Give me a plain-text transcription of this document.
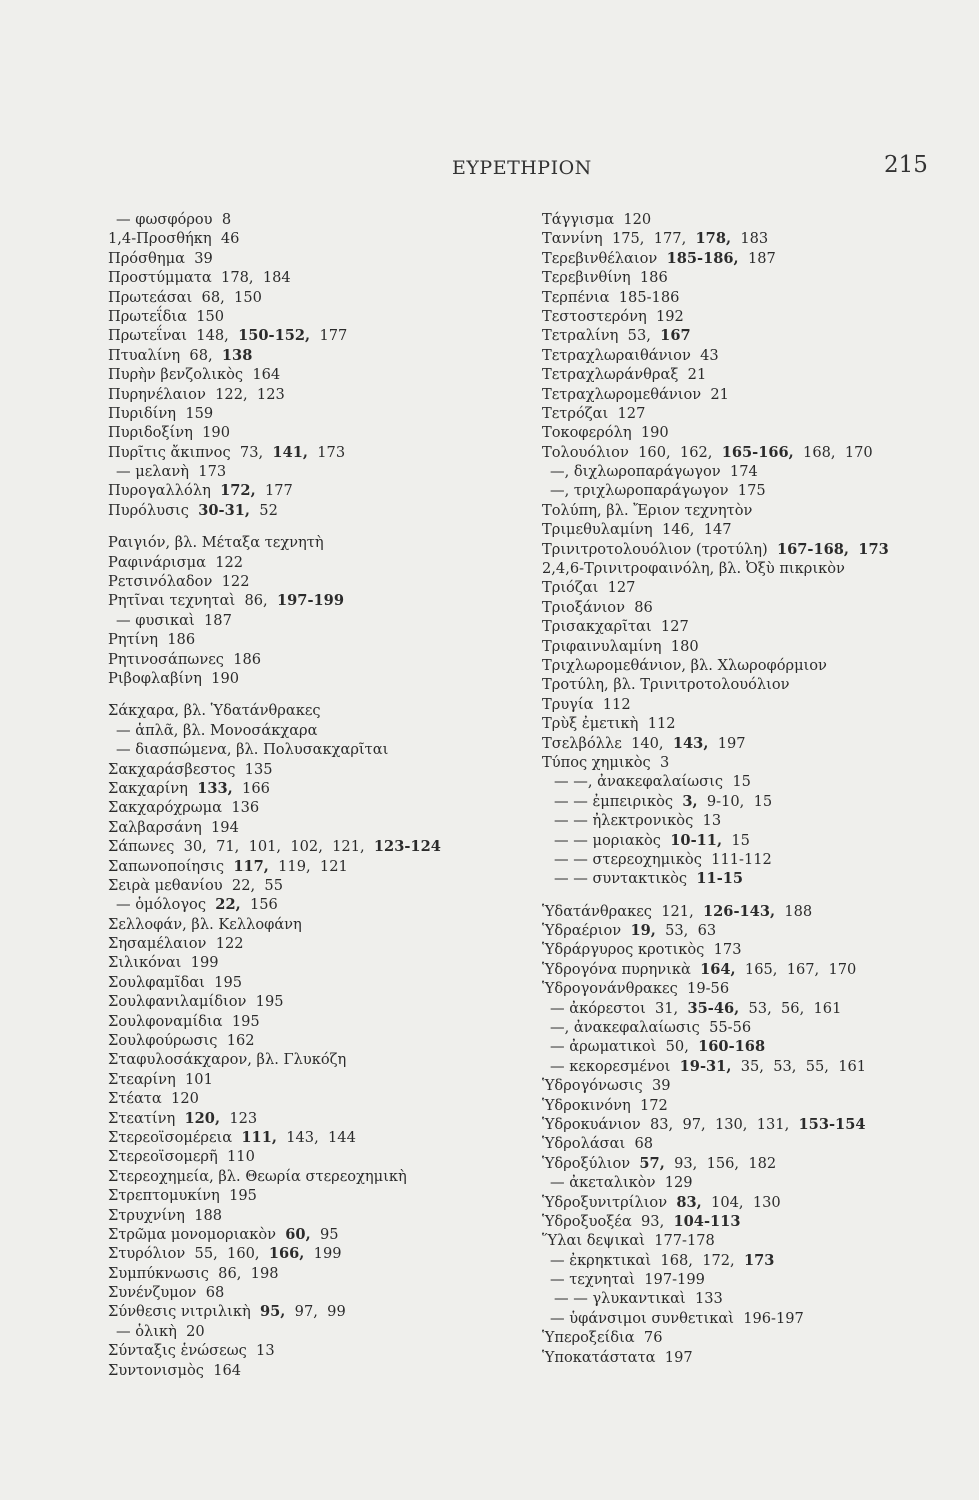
ΕΥΡΕΤΗΡΙΟΝ	215
— φωσφόρου 8
1,4-Προσθήκη 46
Πρόσθημα 39
Προστύμματα 178, 184
Πρωτεάσαι 68, 150
Πρωτεΐδια 150
Πρωτεΐναι 148, 150-152, 177
Πτυαλίνη 68, 138
Πυρὴν βενζολικὸς 164
Πυρηνέλαιον 122, 123
Πυριδίνη 159
Πυριδοξίνη 190
Πυρῖτις ἄκιπνος 73, 141, 173
— μελανὴ 173
Πυρογαλλόλη 172, 177
Πυρόλυσις 30-31, 52
Ραιγιόν, βλ. Μέταξα τεχνητὴ
Ραφινάρισμα 122
Ρετσινόλαδον 122
Ρητῖναι τεχνηταὶ 86, 197-199
— φυσικαὶ 187
Ρητίνη 186
Ρητινοσάπωνες 186
Ριβοφλαβίνη 190
Σάκχαρα, βλ. Ὑδατάνθρακες
— ἁπλᾶ, βλ. Μονοσάκχαρα
— διασπώμενα, βλ. Πολυσακχαρῖται
Σακχαράσβεστος 135
Σακχαρίνη 133, 166
Σακχαρόχρωμα 136
Σαλβαρσάνη 194
Σάπωνες 30, 71, 101, 102, 121, 123-124
Σαπωνοποίησις 117, 119, 121
Σειρὰ μεθανίου 22, 55
— ὁμόλογος 22, 156
Σελλοφάν, βλ. Κελλοφάνη
Σησαμέλαιον 122
Σιλικόναι 199
Σουλφαμῖδαι 195
Σουλφανιλαμίδιον 195
Σουλφοναμίδια 195
Σουλφούρωσις 162
Σταφυλοσάκχαρον, βλ. Γλυκόζη
Στεαρίνη 101
Στέατα 120
Στεατίνη 120, 123
Στερεοϊσομέρεια 111, 143, 144
Στερεοϊσομερῆ 110
Στερεοχημεία, βλ. Θεωρία στερεοχημικὴ
Στρεπτομυκίνη 195
Στρυχνίνη 188
Στρῶμα μονομοριακὸν 60, 95
Στυρόλιον 55, 160, 166, 199
Συμπύκνωσις 86, 198
Συνένζυμον 68
Σύνθεσις νιτριλικὴ 95, 97, 99
— ὁλικὴ 20
Σύνταξις ἑνώσεως 13
Συντονισμὸς 164
Τάγγισμα 120
Ταννίνη 175, 177, 178, 183
Τερεβινθέλαιον 185-186, 187
Τερεβινθίνη 186
Τερπένια 185-186
Τεστοστερόνη 192
Τετραλίνη 53, 167
Τετραχλωραιθάνιον 43
Τετραχλωράνθραξ 21
Τετραχλωρομεθάνιον 21
Τετρόζαι 127
Τοκοφερόλη 190
Τολουόλιον 160, 162, 165-166, 168, 170
—, διχλωροπαράγωγον 174
—, τριχλωροπαράγωγον 175
Τολύπη, βλ. Ἔριον τεχνητὸν
Τριμεθυλαμίνη 146, 147
Τρινιτροτολουόλιον (τροτύλη) 167-168, 173
2,4,6-Τρινιτροφαινόλη, βλ. Ὀξὺ πικρικὸν
Τριόζαι 127
Τριοξάνιον 86
Τρισακχαρῖται 127
Τριφαινυλαμίνη 180
Τριχλωρομεθάνιον, βλ. Χλωροφόρμιον
Τροτύλη, βλ. Τρινιτροτολουόλιον
Τρυγία 112
Τρὺξ ἐμετικὴ 112
Τσελβόλλε 140, 143, 197
Τύπος χημικὸς 3
— —, ἀνακεφαλαίωσις 15
— — ἐμπειρικὸς 3, 9-10, 15
— — ἠλεκτρονικὸς 13
— — μοριακὸς 10-11, 15
— — στερεοχημικὸς 111-112
— — συντακτικὸς 11-15
Ὑδατάνθρακες 121, 126-143, 188
Ὑδραέριον 19, 53, 63
Ὑδράργυρος κροτικὸς 173
Ὑδρογόνα πυρηνικὰ 164, 165, 167, 170
Ὑδρογονάνθρακες 19-56
— ἀκόρεστοι 31, 35-46, 53, 56, 161
—, ἀνακεφαλαίωσις 55-56
— ἀρωματικοὶ 50, 160-168
— κεκορεσμένοι 19-31, 35, 53, 55, 161
Ὑδρογόνωσις 39
Ὑδροκινόνη 172
Ὑδροκυάνιον 83, 97, 130, 131, 153-154
Ὑδρολάσαι 68
Ὑδροξύλιον 57, 93, 156, 182
— ἀκεταλικὸν 129
Ὑδροξυνιτρίλιον 83, 104, 130
Ὑδροξυοξέα 93, 104-113
Ὕλαι δεψικαὶ 177-178
— ἐκρηκτικαὶ 168, 172, 173
— τεχνηταὶ 197-199
— — γλυκαντικαὶ 133
— ὑφάνσιμοι συνθετικαὶ 196-197
Ὑπεροξείδια 76
Ὑποκατάστατα 197
